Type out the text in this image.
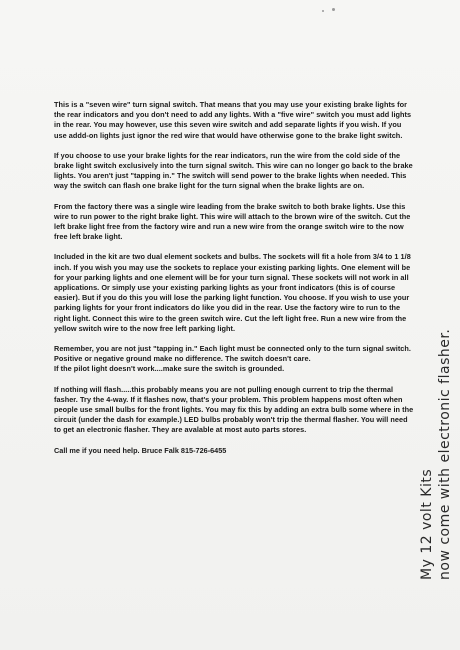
This is a "seven wire" turn signal switch. That means that you may use your existing brake lights for the rear indicators and you don't need to add any lights. With a "five wire" switch you must add lights in the rear. You may however, use this seven wire switch and add separate lights if you wish. If you use addd-on lights just ignor the red wire that would have otherwise gone to the brake light switch.

If you choose to use your brake lights for the rear indicators, run the wire from the cold side of the brake light switch exclusively into the turn signal switch. This wire can no longer go back to the brake lights. You aren't just "tapping in." The switch will send power to the brake lights when needed. This way the switch can flash one brake light for the turn signal when the brake lights are on.

From the factory there was a single wire leading from the brake switch to both brake lights. Use this wire to run power to the right brake light. This wire will attach to the brown wire of the switch. Cut the left brake light free from the factory wire and run a new wire from the orange switch wire to the now free left brake light.

Included in the kit are two dual element sockets and bulbs. The sockets will fit a hole from 3/4 to 1 1/8 inch. If you wish you may use the sockets to replace your existing parking lights. One element will be for your parking lights and one element will be for your turn signal. These sockets will not work in all applications. Or simply use your existing parking lights as your front indicators (this is of course easier). But if you do this you will lose the parking light function. You choose. If you wish to use your parking lights for your front indicators do like you did in the rear. Use the factory wire to run to the right light. Connect this wire to the green switch wire. Cut the left light free. Run a new wire from the yellow switch wire to the now free left parking light.

Remember, you are not just "tapping in." Each light must be connected only to the turn signal switch.
Positive or negative ground make no difference. The switch doesn't care.
If the pilot light doesn't work....make sure the switch is grounded.

If nothing will flash.....this probably means you are not pulling enough current to trip the thermal fasher. Try the 4-way. If it flashes now, that's your problem. This problem happens most often when people use small bulbs for the front lights. You may fix this by adding an extra bulb some where in the circuit (under the dash for example.) LED bulbs probably won't trip the thermal flasher. You will need to get an electronic flasher. They are avalable at most auto parts stores.

Call me if you need help. Bruce Falk 815-726-6455

My 12 volt Kits now come with electronic flasher.
